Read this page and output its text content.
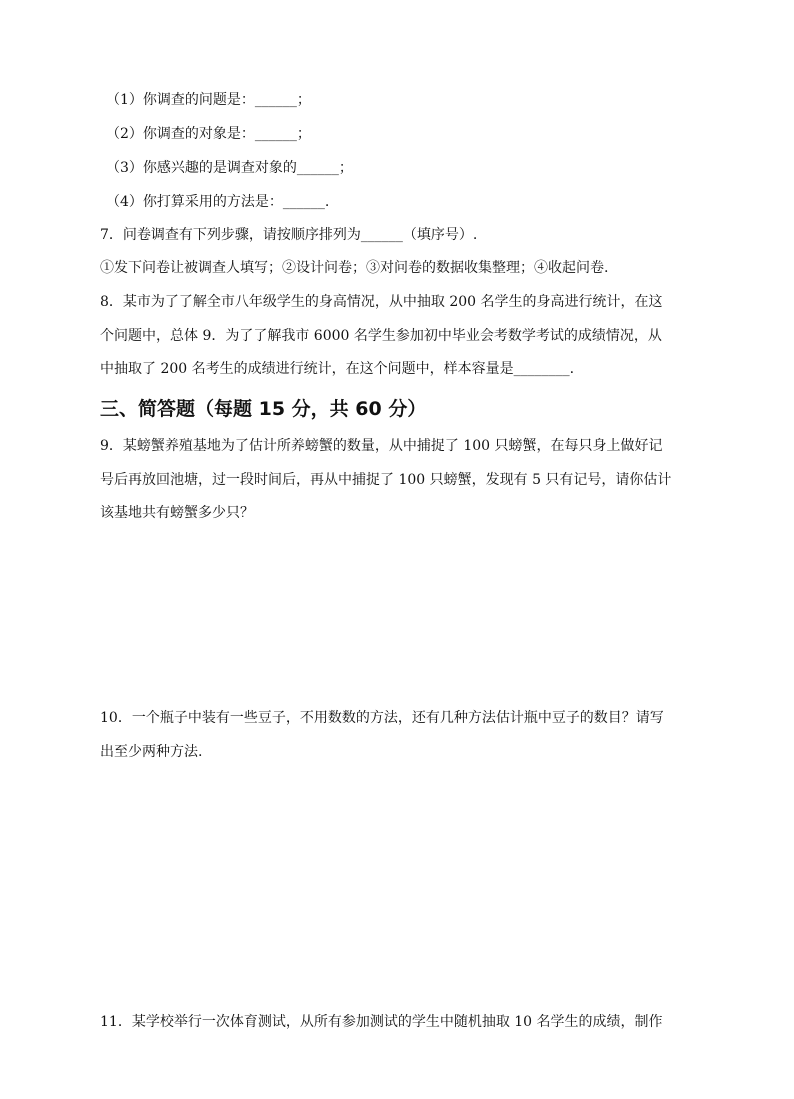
（1）你调查的问题是：______；
（2）你调查的对象是：______；
（3）你感兴趣的是调查对象的______；
（4）你打算采用的方法是：______.
7．问卷调查有下列步骤，请按顺序排列为______（填序号）.
①发下问卷让被调查人填写；②设计问卷；③对问卷的数据收集整理；④收起问卷.
8．某市为了了解全市八年级学生的身高情况，从中抽取 200 名学生的身高进行统计，在这
个问题中，总体 9．为了了解我市 6000 名学生参加初中毕业会考数学考试的成绩情况，从
中抽取了 200 名考生的成绩进行统计，在这个问题中，样本容量是________.
三、简答题（每题 15 分，共 60 分）
9．某螃蟹养殖基地为了估计所养螃蟹的数量，从中捕捉了 100 只螃蟹，在每只身上做好记
号后再放回池塘，过一段时间后，再从中捕捉了 100 只螃蟹，发现有 5 只有记号，请你估计
该基地共有螃蟹多少只？
10．一个瓶子中装有一些豆子，不用数数的方法，还有几种方法估计瓶中豆子的数目？请写
出至少两种方法.
11．某学校举行一次体育测试，从所有参加测试的学生中随机抽取 10 名学生的成绩，制作
